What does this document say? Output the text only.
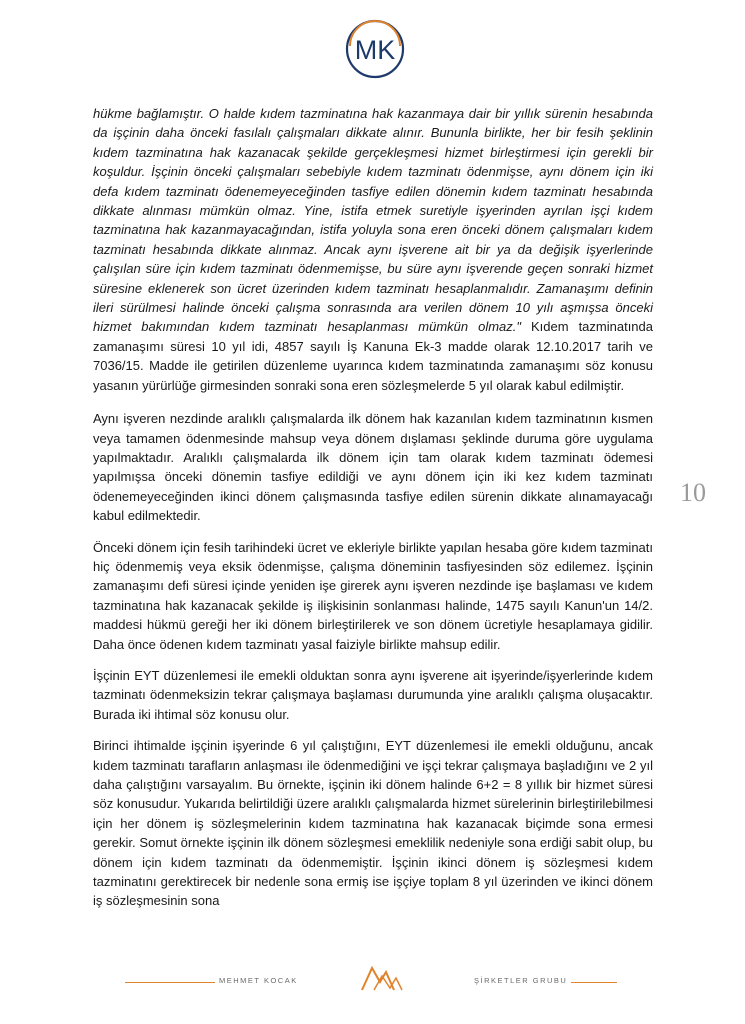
MK

hükme bağlamıştır. O halde kıdem tazminatına hak kazanmaya dair bir yıllık sürenin hesabında da işçinin daha önceki fasılalı çalışmaları dikkate alınır. Bununla birlikte, her bir fesih şeklinin kıdem tazminatına hak kazanacak şekilde gerçekleşmesi hizmet birleştirmesi için gerekli bir koşuldur. İşçinin önceki çalışmaları sebebiyle kıdem tazminatı ödenmişse, aynı dönem için iki defa kıdem tazminatı ödenemeyeceğinden tasfiye edilen dönemin kıdem tazminatı hesabında dikkate alınması mümkün olmaz. Yine, istifa etmek suretiyle işyerinden ayrılan işçi kıdem tazminatına hak kazanmayacağından, istifa yoluyla sona eren önceki dönem çalışmaları kıdem tazminatı hesabında dikkate alınmaz. Ancak aynı işverene ait bir ya da değişik işyerlerinde çalışılan süre için kıdem tazminatı ödenmemişse, bu süre aynı işverende geçen sonraki hizmet süresine eklenerek son ücret üzerinden kıdem tazminatı hesaplanmalıdır. Zamanaşımı definin ileri sürülmesi halinde önceki çalışma sonrasında ara verilen dönem 10 yılı aşmışsa önceki hizmet bakımından kıdem tazminatı hesaplanması mümkün olmaz." Kıdem tazminatında zamanaşımı süresi 10 yıl idi, 4857 sayılı İş Kanuna Ek-3 madde olarak 12.10.2017 tarih ve 7036/15. Madde ile getirilen düzenleme uyarınca kıdem tazminatında zamanaşımı söz konusu yasanın yürürlüğe girmesinden sonraki sona eren sözleşmelerde 5 yıl olarak kabul edilmiştir.

Aynı işveren nezdinde aralıklı çalışmalarda ilk dönem hak kazanılan kıdem tazminatının kısmen veya tamamen ödenmesinde mahsup veya dönem dışlaması şeklinde duruma göre uygulama yapılmaktadır. Aralıklı çalışmalarda ilk dönem için tam olarak kıdem tazminatı ödemesi yapılmışsa önceki dönemin tasfiye edildiği ve aynı dönem için iki kez kıdem tazminatı ödenemeyeceğinden ikinci dönem çalışmasında tasfiye edilen sürenin dikkate alınamayacağı kabul edilmektedir.

Önceki dönem için fesih tarihindeki ücret ve ekleriyle birlikte yapılan hesaba göre kıdem tazminatı hiç ödenmemiş veya eksik ödenmişse, çalışma döneminin tasfiyesinden söz edilemez. İşçinin zamanaşımı defi süresi içinde yeniden işe girerek aynı işveren nezdinde işe başlaması ve kıdem tazminatına hak kazanacak şekilde iş ilişkisinin sonlanması halinde, 1475 sayılı Kanun'un 14/2. maddesi hükmü gereği her iki dönem birleştirilerek ve son dönem ücretiyle hesaplamaya gidilir. Daha önce ödenen kıdem tazminatı yasal faiziyle birlikte mahsup edilir.

İşçinin EYT düzenlemesi ile emekli olduktan sonra aynı işverene ait işyerinde/işyerlerinde kıdem tazminatı ödenmeksizin tekrar çalışmaya başlaması durumunda yine aralıklı çalışma oluşacaktır. Burada iki ihtimal söz konusu olur.

Birinci ihtimalde işçinin işyerinde 6 yıl çalıştığını, EYT düzenlemesi ile emekli olduğunu, ancak kıdem tazminatı tarafların anlaşması ile ödenmediğini ve işçi tekrar çalışmaya başladığını ve 2 yıl daha çalıştığını varsayalım. Bu örnekte, işçinin iki dönem halinde 6+2 = 8 yıllık bir hizmet süresi söz konusudur. Yukarıda belirtildiği üzere aralıklı çalışmalarda hizmet sürelerinin birleştirilebilmesi için her dönem iş sözleşmelerinin kıdem tazminatına hak kazanacak biçimde sona ermesi gerekir. Somut örnekte işçinin ilk dönem sözleşmesi emeklilik nedeniyle sona erdiği sabit olup, bu dönem için kıdem tazminatı da ödenmemiştir. İşçinin ikinci dönem iş sözleşmesi kıdem tazminatını gerektirecek bir nedenle sona ermiş ise işçiye toplam 8 yıl üzerinden ve ikinci dönem iş sözleşmesinin sona

10
MEHMET KOCAK	ŞİRKETLER GRUBU
